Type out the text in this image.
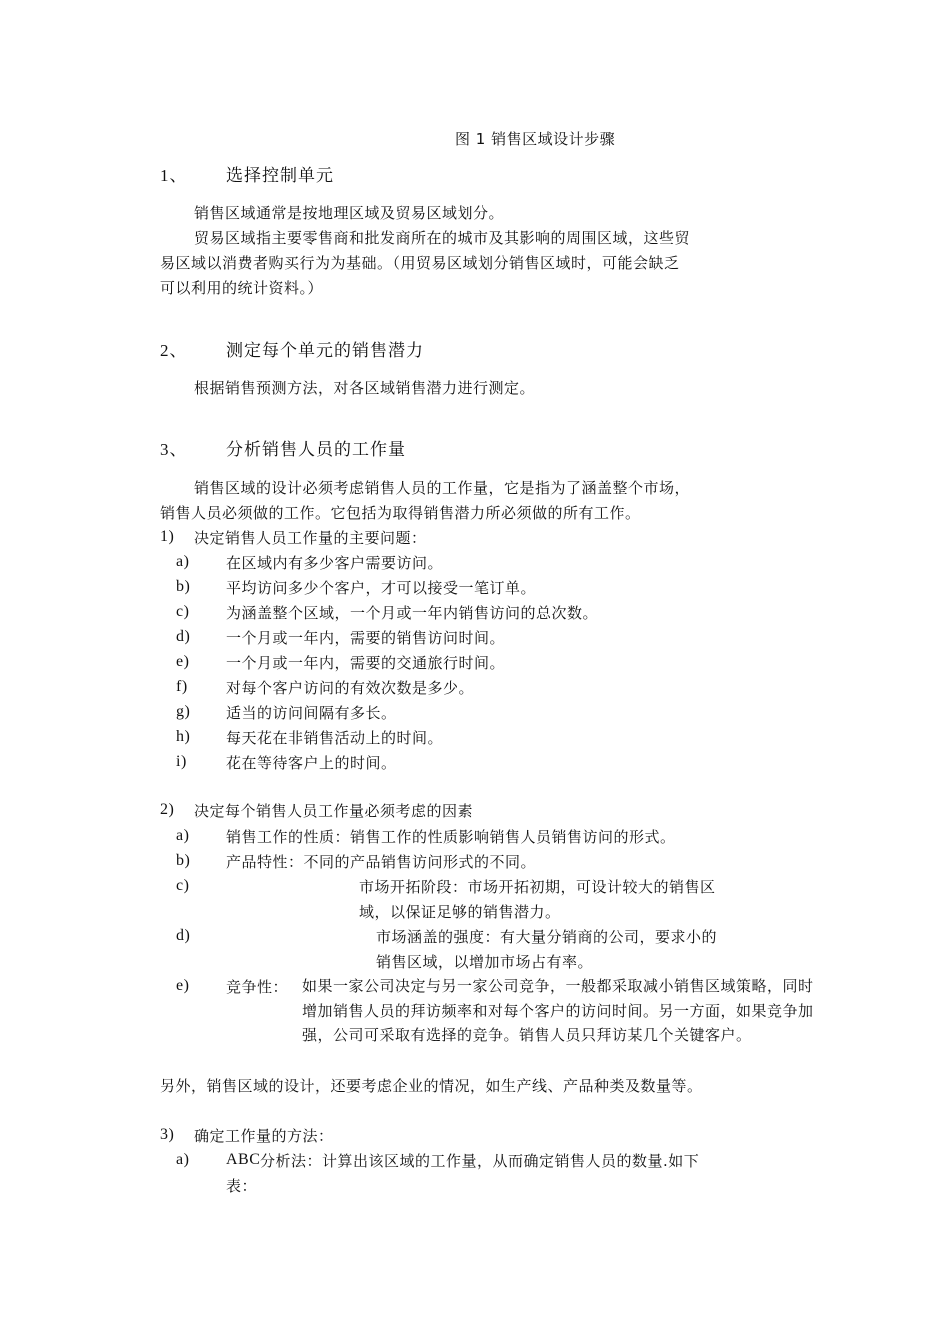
图 1 销售区域设计步骤
1、 选择控制单元
销售区域通常是按地理区域及贸易区域划分。
贸易区域指主要零售商和批发商所在的城市及其影响的周围区域，这些贸
易区域以消费者购买行为为基础。（用贸易区域划分销售区域时，可能会缺乏
可以利用的统计资料。）
2、 测定每个单元的销售潜力
根据销售预测方法，对各区域销售潜力进行测定。
3、 分析销售人员的工作量
销售区域的设计必须考虑销售人员的工作量，它是指为了涵盖整个市场，
销售人员必须做的工作。它包括为取得销售潜力所必须做的所有工作。
1) 决定销售人员工作量的主要问题：
a) 在区域内有多少客户需要访问。
b) 平均访问多少个客户，才可以接受一笔订单。
c) 为涵盖整个区域，一个月或一年内销售访问的总次数。
d) 一个月或一年内，需要的销售访问时间。
e) 一个月或一年内，需要的交通旅行时间。
f)	对每个客户访问的有效次数是多少。
g) 适当的访问间隔有多长。
h) 每天花在非销售活动上的时间。
i)	花在等待客户上的时间。
2) 决定每个销售人员工作量必须考虑的因素
a) 销售工作的性质：销售工作的性质影响销售人员销售访问的形式。
b) 产品特性：不同的产品销售访问形式的不同。
c)	市场开拓阶段：市场开拓初期，可设计较大的销售区
域，以保证足够的销售潜力。
d)	市场涵盖的强度：有大量分销商的公司，要求小的
销售区域，以增加市场占有率。
e) 竞争性： 如果一家公司决定与另一家公司竞争，一般都采取减小销售区域策略，同时增加销售人员的拜访频率和对每个客户的访问时间。另一方面，如果竞争加强，公司可采取有选择的竞争。销售人员只拜访某几个关键客户。
另外，销售区域的设计，还要考虑企业的情况，如生产线、产品种类及数量等。
3) 确定工作量的方法：
a) ABC 分析法：计算出该区域的工作量，从而确定销售人员的数量.如下
表：
